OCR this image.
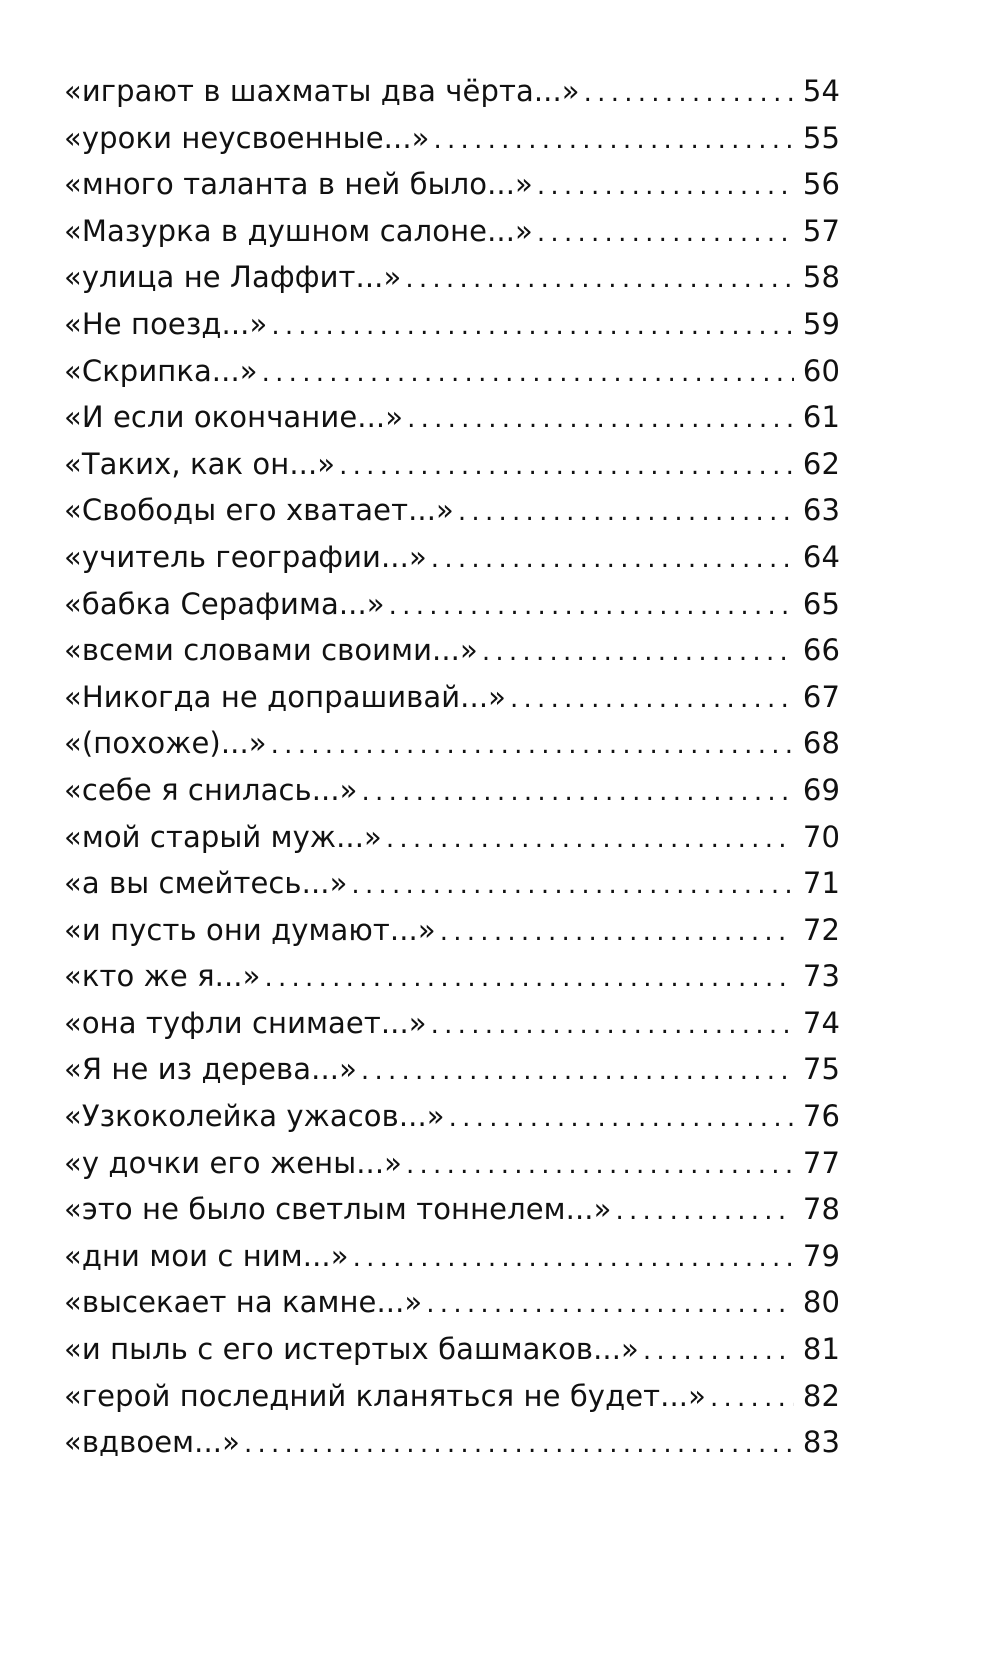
«играют в шахматы два чёрта...» . . .	54
«уроки неусвоенные...» . . .	55
«много таланта в ней было...» . . .	56
«Мазурка в душном салоне...» . . .	57
«улица не Лаффит...» . . .	58
«Не поезд...» . . .	59
«Скрипка...» . . .	60
«И если окончание...» . . .	61
«Таких, как он...» . . .	62
«Свободы его хватает...» . . .	63
«учитель географии...» . . .	64
«бабка Серафима...» . . .	65
«всеми словами своими...» . . .	66
«Никогда не допрашивай...» . . .	67
«(похоже)...» . . .	68
«себе я снилась...» . . .	69
«мой старый муж...» . . .	70
«а вы смейтесь...» . . .	71
«и пусть они думают...» . . .	72
«кто же я...» . . .	73
«она туфли снимает...» . . .	74
«Я не из дерева...» . . .	75
«Узкоколейка ужасов...» . . .	76
«у дочки его жены...» . . .	77
«это не было светлым тоннелем...» . . .	78
«дни мои с ним...» . . .	79
«высекает на камне...» . . .	80
«и пыль с его истертых башмаков...» . . .	81
«герой последний кланяться не будет...» . . .	82
«вдвоем...» . . .	83
